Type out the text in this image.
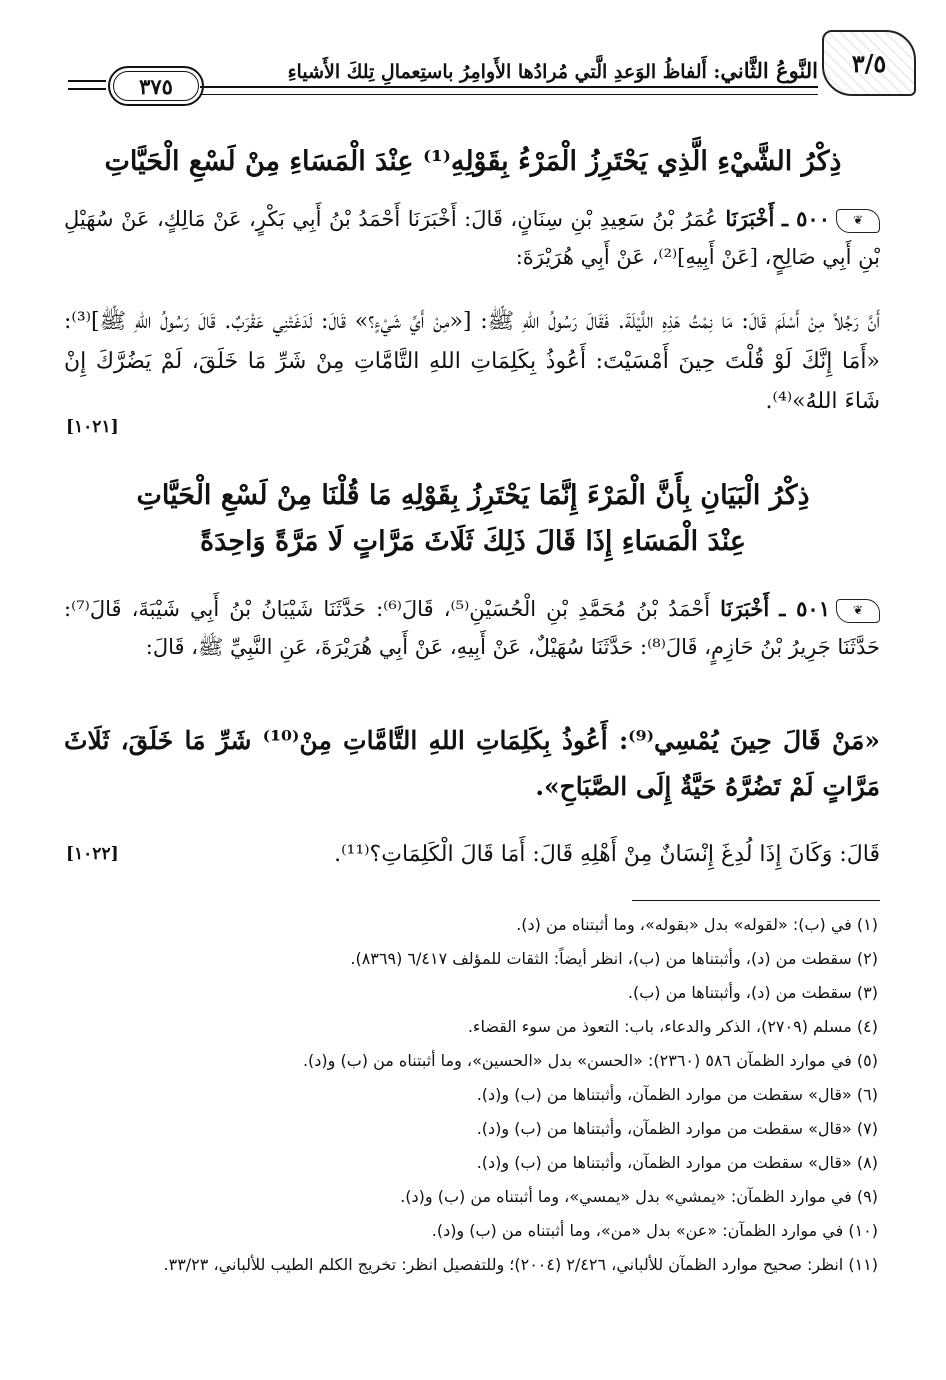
٣/٥
النَّوعُ الثَّاني: أَلفاظُ الوَعدِ الَّتي مُرادُها الأَوامِرُ باستِعمالِ تِلكَ الأَشياءِ
٣٧٥
ذِكْرُ الشَّيْءِ الَّذِي يَحْتَرِزُ الْمَرْءُ بِقَوْلِهِ⁽¹⁾ عِنْدَ الْمَسَاءِ مِنْ لَسْعِ الْحَيَّاتِ
❦٥٠٠ ـ أَخْبَرَنَا عُمَرُ بْنُ سَعِيدِ بْنِ سِنَانٍ، قَالَ: أَخْبَرَنَا أَحْمَدُ بْنُ أَبِي بَكْرٍ، عَنْ مَالِكٍ، عَنْ سُهَيْلِ بْنِ أَبِي صَالِحٍ، [عَنْ أَبِيهِ]⁽²⁾، عَنْ أَبِي هُرَيْرَةَ:
أَنَّ رَجُلاً مِنْ أَسْلَمَ قَالَ: مَا نِمْتُ هَذِهِ اللَّيْلَةَ. فَقَالَ رَسُولُ اللهِ ﷺ: [«مِنْ أَيِّ شَيْءٍ؟» قَالَ: لَدَغَتْنِي عَقْرَبٌ. قَالَ رَسُولُ اللهِ ﷺ]⁽³⁾: «أَمَا إِنَّكَ لَوْ قُلْتَ حِينَ أَمْسَيْتَ: أَعُوذُ بِكَلِمَاتِ اللهِ التَّامَّاتِ مِنْ شَرِّ مَا خَلَقَ، لَمْ يَضُرَّكَ إِنْ شَاءَ اللهُ»⁽⁴⁾.
[١٠٢١]
ذِكْرُ الْبَيَانِ بِأَنَّ الْمَرْءَ إِنَّمَا يَحْتَرِزُ بِقَوْلِهِ مَا قُلْنَا مِنْ لَسْعِ الْحَيَّاتِ
عِنْدَ الْمَسَاءِ إِذَا قَالَ ذَلِكَ ثَلَاثَ مَرَّاتٍ لَا مَرَّةً وَاحِدَةً
❦٥٠١ ـ أَخْبَرَنَا أَحْمَدُ بْنُ مُحَمَّدِ بْنِ الْحُسَيْنِ⁽⁵⁾، قَالَ⁽⁶⁾: حَدَّثَنَا شَيْبَانُ بْنُ أَبِي شَيْبَةَ، قَالَ⁽⁷⁾: حَدَّثَنَا جَرِيرُ بْنُ حَازِمٍ، قَالَ⁽⁸⁾: حَدَّثَنَا سُهَيْلٌ، عَنْ أَبِيهِ، عَنْ أَبِي هُرَيْرَةَ، عَنِ النَّبِيِّ ﷺ، قَالَ:
«مَنْ قَالَ حِينَ يُمْسِي⁽⁹⁾: أَعُوذُ بِكَلِمَاتِ اللهِ التَّامَّاتِ مِنْ⁽¹⁰⁾ شَرِّ مَا خَلَقَ، ثَلَاثَ مَرَّاتٍ لَمْ تَضُرَّهُ حَيَّةٌ إِلَى الصَّبَاحِ».
قَالَ: وَكَانَ إِذَا لُدِغَ إِنْسَانٌ مِنْ أَهْلِهِ قَالَ: أَمَا قَالَ الْكَلِمَاتِ؟⁽¹¹⁾.
[١٠٢٢]
(١) في (ب): «لقوله» بدل «بقوله»، وما أثبتناه من (د).
(٢) سقطت من (د)، وأثبتناها من (ب)، انظر أيضاً: الثقات للمؤلف ٦/٤١٧ (٨٣٦٩).
(٣) سقطت من (د)، وأثبتناها من (ب).
(٤) مسلم (٢٧٠٩)، الذكر والدعاء، باب: التعوذ من سوء القضاء.
(٥) في موارد الظمآن ٥٨٦ (٢٣٦٠): «الحسن» بدل «الحسين»، وما أثبتناه من (ب) و(د).
(٦) «قال» سقطت من موارد الظمآن، وأثبتناها من (ب) و(د).
(٧) «قال» سقطت من موارد الظمآن، وأثبتناها من (ب) و(د).
(٨) «قال» سقطت من موارد الظمآن، وأثبتناها من (ب) و(د).
(٩) في موارد الظمآن: «يمشي» بدل «يمسي»، وما أثبتناه من (ب) و(د).
(١٠) في موارد الظمآن: «عن» بدل «من»، وما أثبتناه من (ب) و(د).
(١١) انظر: صحيح موارد الظمآن للألباني، ٢/٤٢٦ (٢٠٠٤)؛ وللتفصيل انظر: تخريج الكلم الطيب للألباني، ٣٣/٢٣.
